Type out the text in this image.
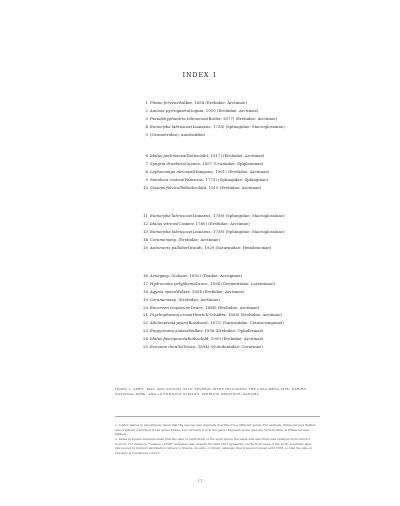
INDEX 1
1 Pitane fervens Walker, 1854 (Erebidae: Arctiinae)
2 Amaxia pyrrogastra Dognin, 1910 (Erebidae: Arctiinae)
3 Pseudohyphantria tolimensis (Butler, 1877) (Erebidae: Arctiinae)
4 Eumorpha labruscae (Linnaeus, 1758) (Sphingidae: Macroglossinae)
5 (Geometridae), unidentified
6 Idalus perlimacea (Rothschild, 1917) (Erebidae: Arctiinae)
7 Syngria druidaria Guenée, 1857 (Uraniidae: Epipleminae)
8 Lophocampa atriceps (Hampson, 1901) (Erebidae: Arctiinae)
9 Manduca rustica (Fabricius, 1775) (Sphingidae: Sphinginae)
10 Cisseps fulvicollis Rothschild, 1910 (Erebidae: Arctiinae)
11 Eumorpha labruscae (Linnaeus, 1758) (Sphingidae: Macroglossinae)
12 Idalus vitreus (Cramer, 1780) (Erebidae: Arctiinae)
13 Eumorpha labruscae (Linnaeus, 1758) (Sphingidae: Macroglossinae)
14 Ceramenia sp. (Erebidae: Arctiinae)
15 Automeris pallidior Draudt, 1929 (Saturniidae: Hemileucinae)
16 Aceaga sp. (Schaus, 1892) (Doidae: Aceaginae)
17 Hydrocoma polyphema Druce, 1894 (Geometridae: Larentiinae)
18 Agyrta opaca Walker, 1854 (Erebidae: Arctiinae)
19 Ceramenia sp. (Erebidae: Arctiinae)
20 Eucereon tropaeum (Druce, 1884) (Erebidae: Arctiinae)
21 Psychophasma erosa (Herrich-Schäffer, 1858) (Erebidae: Arctiinae)
22 Adeloneivaia jason (Boisduval, 1872) (Saturniidae: Ceratocampinae)
23 Empyreuma anassa Walker, 1856 (Erebidae: Ophiderinae)
24 Idalus fasciipuncta Rothschild, 1909 (Erebidae: Arctiinae)
25 Ecnomia doralis (Druce, 1894) (Notodontidae: Cerurinae)
INDEX 1. APRIL, MAY, AND AUGUST 2010, SEVERAL SITES INCLUDING THE CASA MESA SITE, DARIÉN NATIONAL PARK, AND LA FORTUNA STATION, CHIRIQUÍ PROVINCE, PANAMÁ.
1. Author names in parentheses mean that the species was originally described in a different genus. For example, Pitane fervens Walker was originally described in the genus Pitane, but currently it is in the genus Eupseudosoma (and the current name is Pitane fervens Walker).
2. Dates in square brackets mean that the date of publication of the work where the name was described was obtained from indirect sources. For instance, "Guenée, [1858]" indicates that, despite the date 1857 appearing on the front page of the work, scientists later discovered by indirect information (letters to friends, receipts or library catalogs) that it was not issued until 1858, so that the date in brackets is considered correct.
11
